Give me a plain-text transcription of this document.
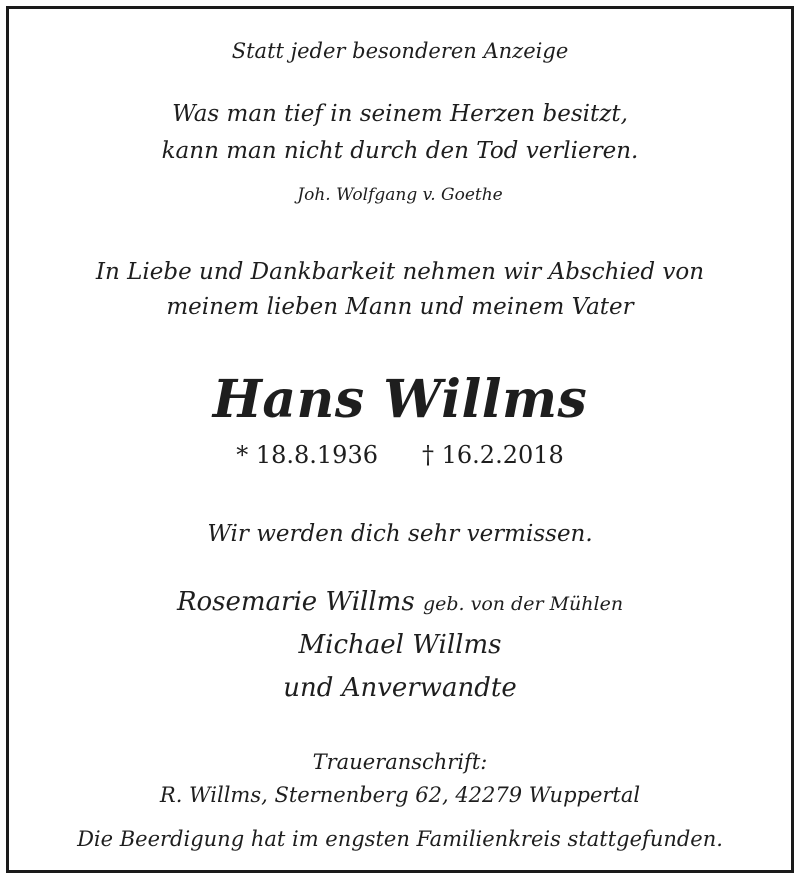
Statt jeder besonderen Anzeige
Was man tief in seinem Herzen besitzt,
kann man nicht durch den Tod verlieren.
Joh. Wolfgang v. Goethe
In Liebe und Dankbarkeit nehmen wir Abschied von
meinem lieben Mann und meinem Vater
Hans Willms
* 18.8.1936 † 16.2.2018
Wir werden dich sehr vermissen.
Rosemarie Willms geb. von der Mühlen
Michael Willms
und Anverwandte
Traueranschrift:
R. Willms, Sternenberg 62, 42279 Wuppertal
Die Beerdigung hat im engsten Familienkreis stattgefunden.
